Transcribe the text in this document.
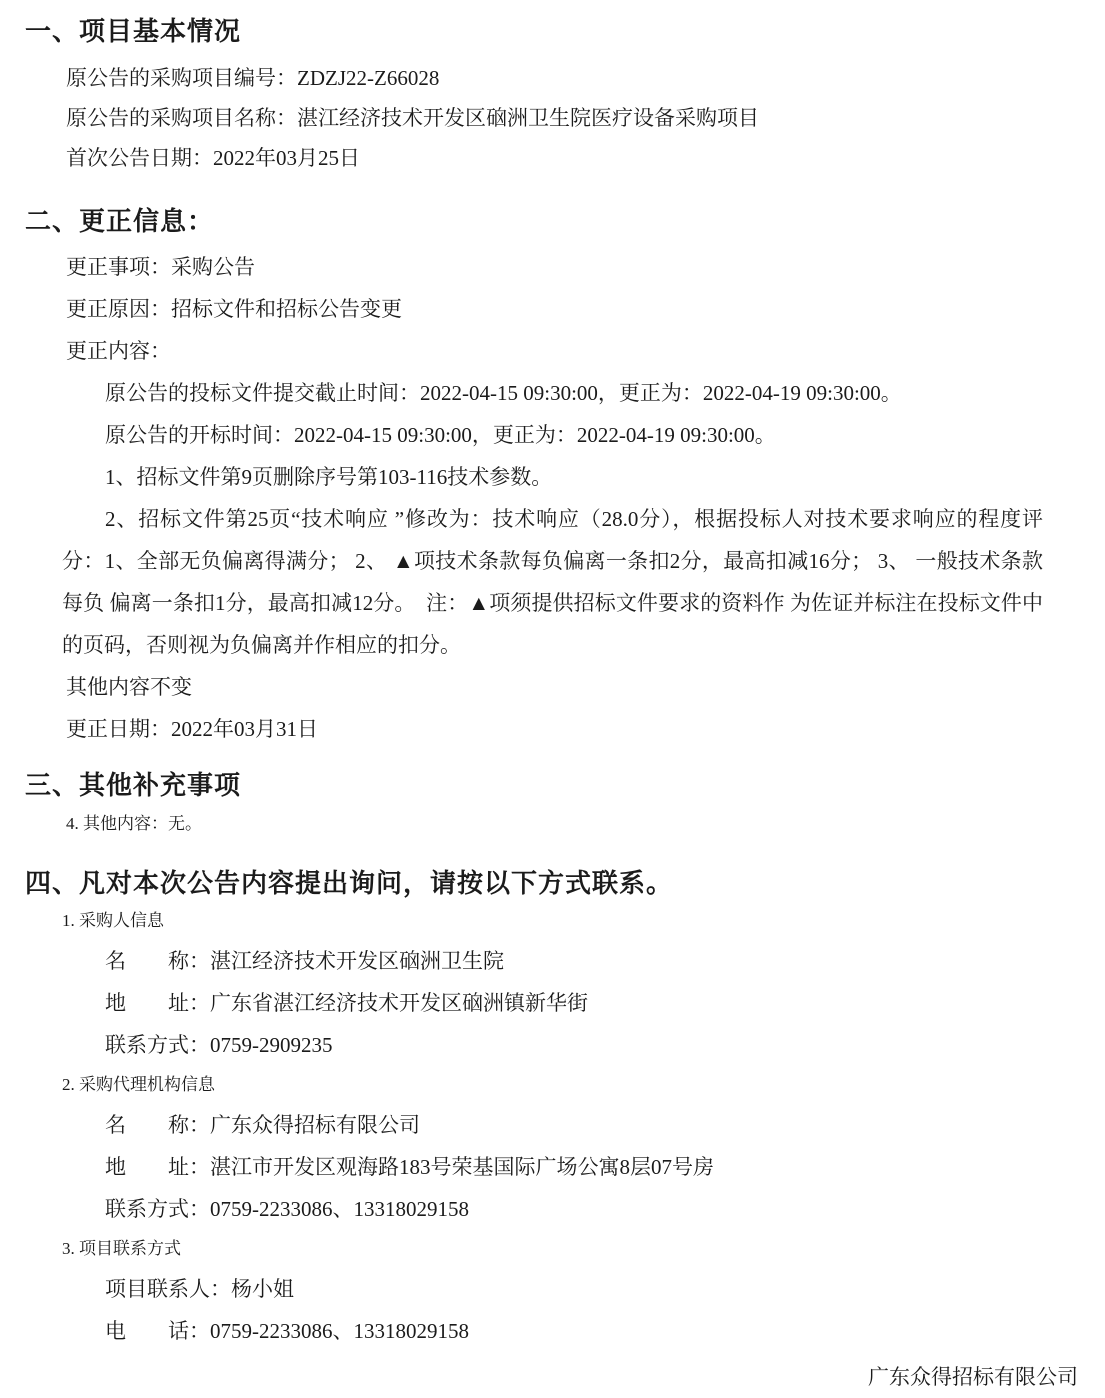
一、项目基本情况
原公告的采购项目编号：ZDZJ22-Z66028
原公告的采购项目名称：湛江经济技术开发区硇洲卫生院医疗设备采购项目
首次公告日期：2022年03月25日
二、更正信息：
更正事项：采购公告
更正原因：招标文件和招标公告变更
更正内容：
原公告的投标文件提交截止时间：2022-04-15 09:30:00，更正为：2022-04-19 09:30:00。
原公告的开标时间：2022-04-15 09:30:00，更正为：2022-04-19 09:30:00。
1、招标文件第9页删除序号第103-116技术参数。
2、招标文件第25页“技术响应 ”修改为：技术响应（28.0分），根据投标人对技术要求响应的程度评分：1、全部无负偏离得满分； 2、 ▲项技术条款每负偏离一条扣2分，最高扣减16分； 3、 一般技术条款每负 偏离一条扣1分，最高扣减12分。  注：▲项须提供招标文件要求的资料作 为佐证并标注在投标文件中的页码，否则视为负偏离并作相应的扣分。
其他内容不变
更正日期：2022年03月31日
三、其他补充事项
4. 其他内容：无。
四、凡对本次公告内容提出询问，请按以下方式联系。
1. 采购人信息
名　　称：湛江经济技术开发区硇洲卫生院
地　　址：广东省湛江经济技术开发区硇洲镇新华街
联系方式：0759-2909235
2. 采购代理机构信息
名　　称：广东众得招标有限公司
地　　址：湛江市开发区观海路183号荣基国际广场公寓8层07号房
联系方式：0759-2233086、13318029158
3. 项目联系方式
项目联系人：杨小姐
电　　话：0759-2233086、13318029158
广东众得招标有限公司
